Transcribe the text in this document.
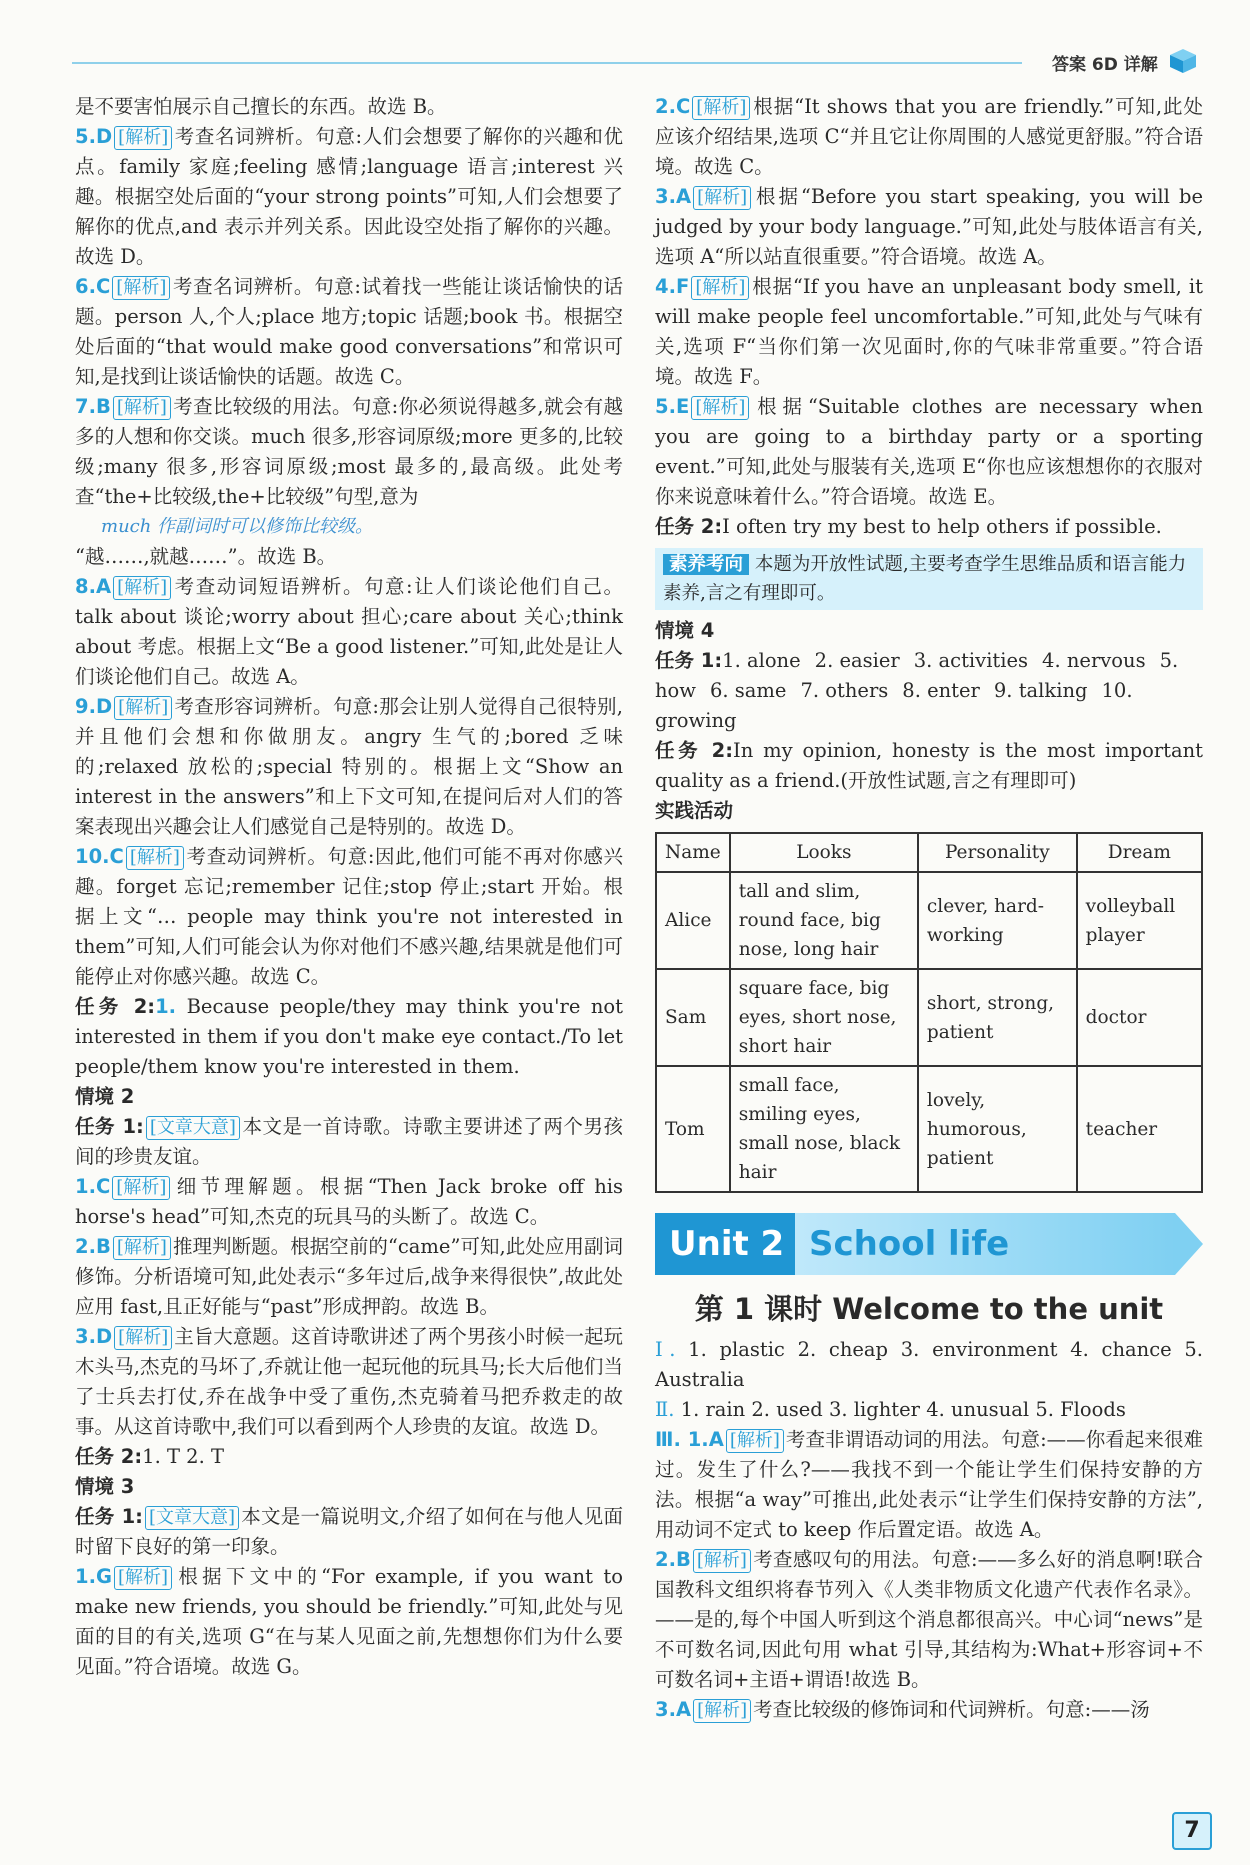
答案 6D 详解

是不要害怕展示自己擅长的东西。故选 B。

5.D [解析] 考查名词辨析。句意:人们会想要了解你的兴趣和优点。family 家庭;feeling 感情;language 语言;interest 兴趣。根据空处后面的“your strong points”可知,人们会想要了解你的优点,and 表示并列关系。因此设空处指了解你的兴趣。故选 D。

6.C [解析] 考查名词辨析。句意:试着找一些能让谈话愉快的话题。person 人,个人;place 地方;topic 话题;book 书。根据空处后面的“that would make good conversations”和常识可知,是找到让谈话愉快的话题。故选 C。

7.B [解析] 考查比较级的用法。句意:你必须说得越多,就会有越多的人想和你交谈。much 很多,形容词原级;more 更多的,比较级;many 很多,形容词原级;most 最多的,最高级。此处考查“the+比较级,the+比较级”句型,意为

much 作副词时可以修饰比较级。
“越……,就越……”。故选 B。

8.A [解析] 考查动词短语辨析。句意:让人们谈论他们自己。talk about 谈论;worry about 担心;care about 关心;think about 考虑。根据上文“Be a good listener.”可知,此处是让人们谈论他们自己。故选 A。

9.D [解析] 考查形容词辨析。句意:那会让别人觉得自己很特别,并且他们会想和你做朋友。angry 生气的;bored 乏味的;relaxed 放松的;special 特别的。根据上文“Show an interest in the answers”和上下文可知,在提问后对人们的答案表现出兴趣会让人们感觉自己是特别的。故选 D。

10.C [解析] 考查动词辨析。句意:因此,他们可能不再对你感兴趣。forget 忘记;remember 记住;stop 停止;start 开始。根据上文“… people may think you're not interested in them”可知,人们可能会认为你对他们不感兴趣,结果就是他们可能停止对你感兴趣。故选 C。

任务 2:1. Because people/they may think you're not interested in them if you don't make eye contact./To let people/them know you're interested in them.

情境 2

任务 1: [文章大意] 本文是一首诗歌。诗歌主要讲述了两个男孩间的珍贵友谊。

1.C [解析] 细节理解题。根据“Then Jack broke off his horse's head”可知,杰克的玩具马的头断了。故选 C。

2.B [解析] 推理判断题。根据空前的“came”可知,此处应用副词修饰。分析语境可知,此处表示“多年过后,战争来得很快”,故此处应用 fast,且正好能与“past”形成押韵。故选 B。

3.D [解析] 主旨大意题。这首诗歌讲述了两个男孩小时候一起玩木头马,杰克的马坏了,乔就让他一起玩他的玩具马;长大后他们当了士兵去打仗,乔在战争中受了重伤,杰克骑着马把乔救走的故事。从这首诗歌中,我们可以看到两个人珍贵的友谊。故选 D。

任务 2:1. T 2. T

情境 3

任务 1: [文章大意] 本文是一篇说明文,介绍了如何在与他人见面时留下良好的第一印象。

1.G [解析] 根据下文中的“For example, if you want to make new friends, you should be friendly.”可知,此处与见面的目的有关,选项 G“在与某人见面之前,先想想你们为什么要见面。”符合语境。故选 G。

2.C [解析] 根据“It shows that you are friendly.”可知,此处应该介绍结果,选项 C“并且它让你周围的人感觉更舒服。”符合语境。故选 C。

3.A [解析] 根据“Before you start speaking, you will be judged by your body language.”可知,此处与肢体语言有关,选项 A“所以站直很重要。”符合语境。故选 A。

4.F [解析] 根据“If you have an unpleasant body smell, it will make people feel uncomfortable.”可知,此处与气味有关,选项 F“当你们第一次见面时,你的气味非常重要。”符合语境。故选 F。

5.E [解析] 根据“Suitable clothes are necessary when you are going to a birthday party or a sporting event.”可知,此处与服装有关,选项 E“你也应该想想你的衣服对你来说意味着什么。”符合语境。故选 E。

任务 2:I often try my best to help others if possible.

素养考向 本题为开放性试题,主要考查学生思维品质和语言能力素养,言之有理即可。
情境 4
任务 1:1. alone 2. easier 3. activities 4. nervous 5. how 6. same 7. others 8. enter 9. talking 10. growing

任务 2:In my opinion, honesty is the most important quality as a friend.(开放性试题,言之有理即可)

实践活动
Name	Looks	Personality	Dream
Alice	tall and slim, round face, big nose, long hair	clever, hard-working	volleyball player
Sam	square face, big eyes, short nose, short hair	short, strong, patient	doctor
Tom	small face, smiling eyes, small nose, black hair	lovely, humorous, patient	teacher
Unit 2 School life
第 1 课时 Welcome to the unit

Ⅰ. 1. plastic 2. cheap 3. environment 4. chance 5. Australia

Ⅱ. 1. rain 2. used 3. lighter 4. unusual 5. Floods

Ⅲ. 1.A [解析] 考查非谓语动词的用法。句意:——你看起来很难过。发生了什么?——我找不到一个能让学生们保持安静的方法。根据“a way”可推出,此处表示“让学生们保持安静的方法”,用动词不定式 to keep 作后置定语。故选 A。

2.B [解析] 考查感叹句的用法。句意:——多么好的消息啊!联合国教科文组织将春节列入《人类非物质文化遗产代表作名录》。——是的,每个中国人听到这个消息都很高兴。中心词“news”是不可数名词,因此句用 what 引导,其结构为:What+形容词+不可数名词+主语+谓语!故选 B。

3.A [解析] 考查比较级的修饰词和代词辨析。句意:——汤

7
